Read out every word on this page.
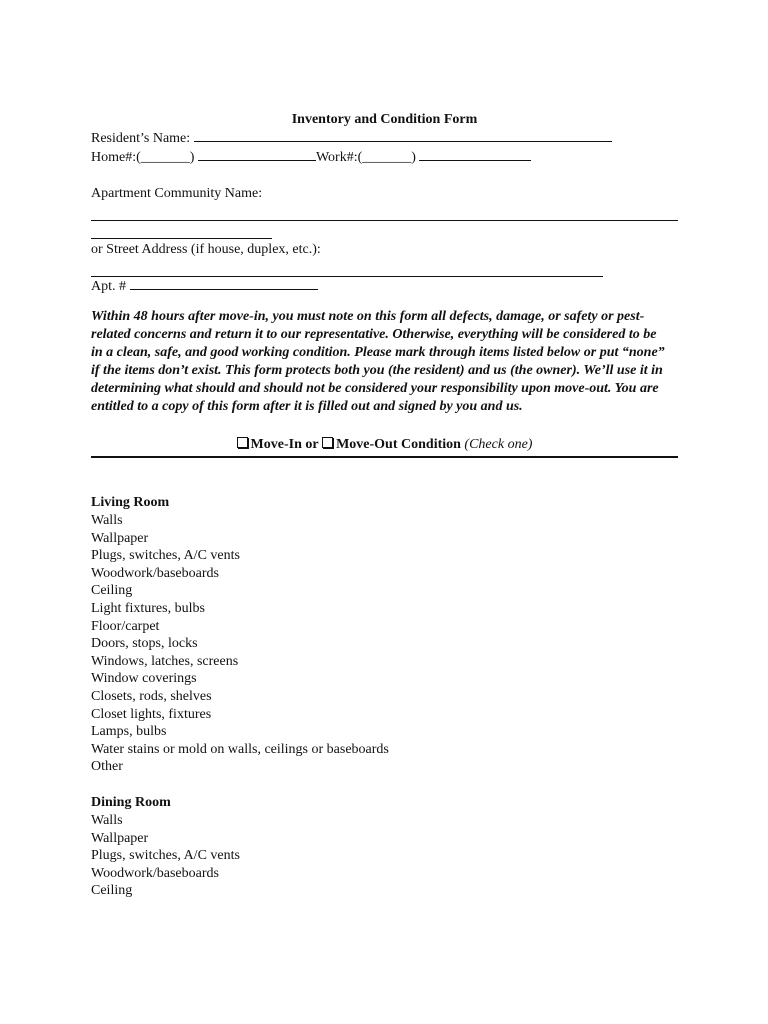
Inventory and Condition Form
Resident’s Name:
Home#:(_______)	Work#:(_______)
Apartment Community Name:
or Street Address (if house, duplex, etc.):
Apt. #
Within 48 hours after move-in, you must note on this form all defects, damage, or safety or pest-related concerns and return it to our representative. Otherwise, everything will be considered to be in a clean, safe, and good working condition. Please mark through items listed below or put “none” if the items don’t exist. This form protects both you (the resident) and us (the owner). We’ll use it in determining what should and should not be considered your responsibility upon move-out. You are entitled to a copy of this form after it is filled out and signed by you and us.
Move-In or Move-Out Condition (Check one)
Living Room
Walls
Wallpaper
Plugs, switches, A/C vents
Woodwork/baseboards
Ceiling
Light fixtures, bulbs
Floor/carpet
Doors, stops, locks
Windows, latches, screens
Window coverings
Closets, rods, shelves
Closet lights, fixtures
Lamps, bulbs
Water stains or mold on walls, ceilings or baseboards
Other
Dining Room
Walls
Wallpaper
Plugs, switches, A/C vents
Woodwork/baseboards
Ceiling
